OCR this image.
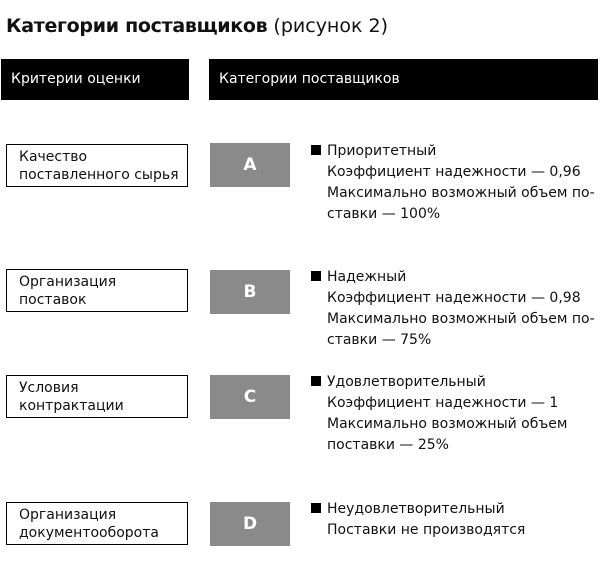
Категории поставщиков (рисунок 2)
Критерии оценки	Категории поставщиков
Качество
поставленного сырья	A
Приоритетный
Коэффициент надежности — 0,96
Максимально возможный объем по-
ставки — 100%
Организация
поставок	B
Надежный
Коэффициент надежности — 0,98
Максимально возможный объем по-
ставки — 75%
Условия
контрактации	C
Удовлетворительный
Коэффициент надежности — 1
Максимально возможный объем
поставки — 25%
Организация
документооборота	D
Неудовлетворительный
Поставки не производятся
